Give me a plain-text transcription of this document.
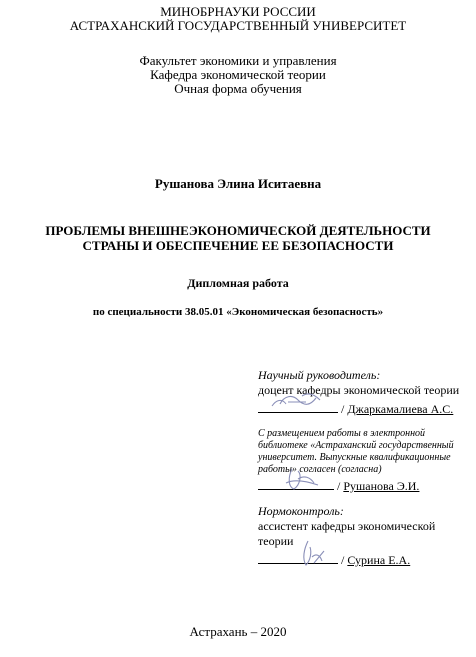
МИНОБРНАУКИ РОССИИ
АСТРАХАНСКИЙ ГОСУДАРСТВЕННЫЙ УНИВЕРСИТЕТ
Факультет экономики и управления
Кафедра экономической теории
Очная форма обучения
Рушанова Элина Иситаевна
ПРОБЛЕМЫ ВНЕШНЕЭКОНОМИЧЕСКОЙ ДЕЯТЕЛЬНОСТИ
СТРАНЫ И ОБЕСПЕЧЕНИЕ ЕЕ БЕЗОПАСНОСТИ
Дипломная работа
по специальности 38.05.01 «Экономическая безопасность»
Научный руководитель:
доцент кафедры экономической теории
/ Джаркамалиева А.С.
С размещением работы в электронной
библиотеке «Астраханский государственный
университет. Выпускные квалификационные
работы» согласен (согласна)
/ Рушанова Э.И.
Нормоконтроль:
ассистент кафедры экономической
теории
/ Сурина Е.А.
Астрахань – 2020
